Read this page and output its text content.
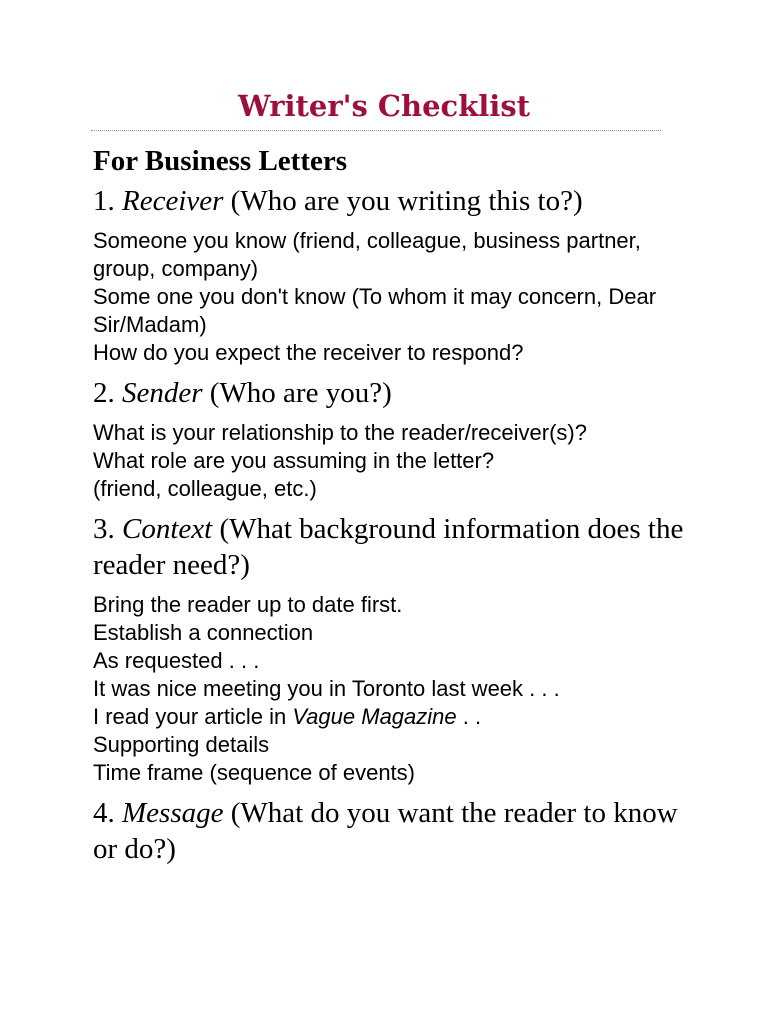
Writer's Checklist
For Business Letters
1. Receiver (Who are you writing this to?)
Someone you know (friend, colleague, business partner, group, company)
Some one you don't know (To whom it may concern, Dear Sir/Madam)
How do you expect the receiver to respond?
2. Sender (Who are you?)
What is your relationship to the reader/receiver(s)?
What role are you assuming in the letter?
(friend, colleague, etc.)
3. Context (What background information does the reader need?)
Bring the reader up to date first.
Establish a connection
As requested . . .
It was nice meeting you in Toronto last week . . .
I read your article in Vague Magazine . .
Supporting details
Time frame (sequence of events)
4. Message (What do you want the reader to know or do?)
